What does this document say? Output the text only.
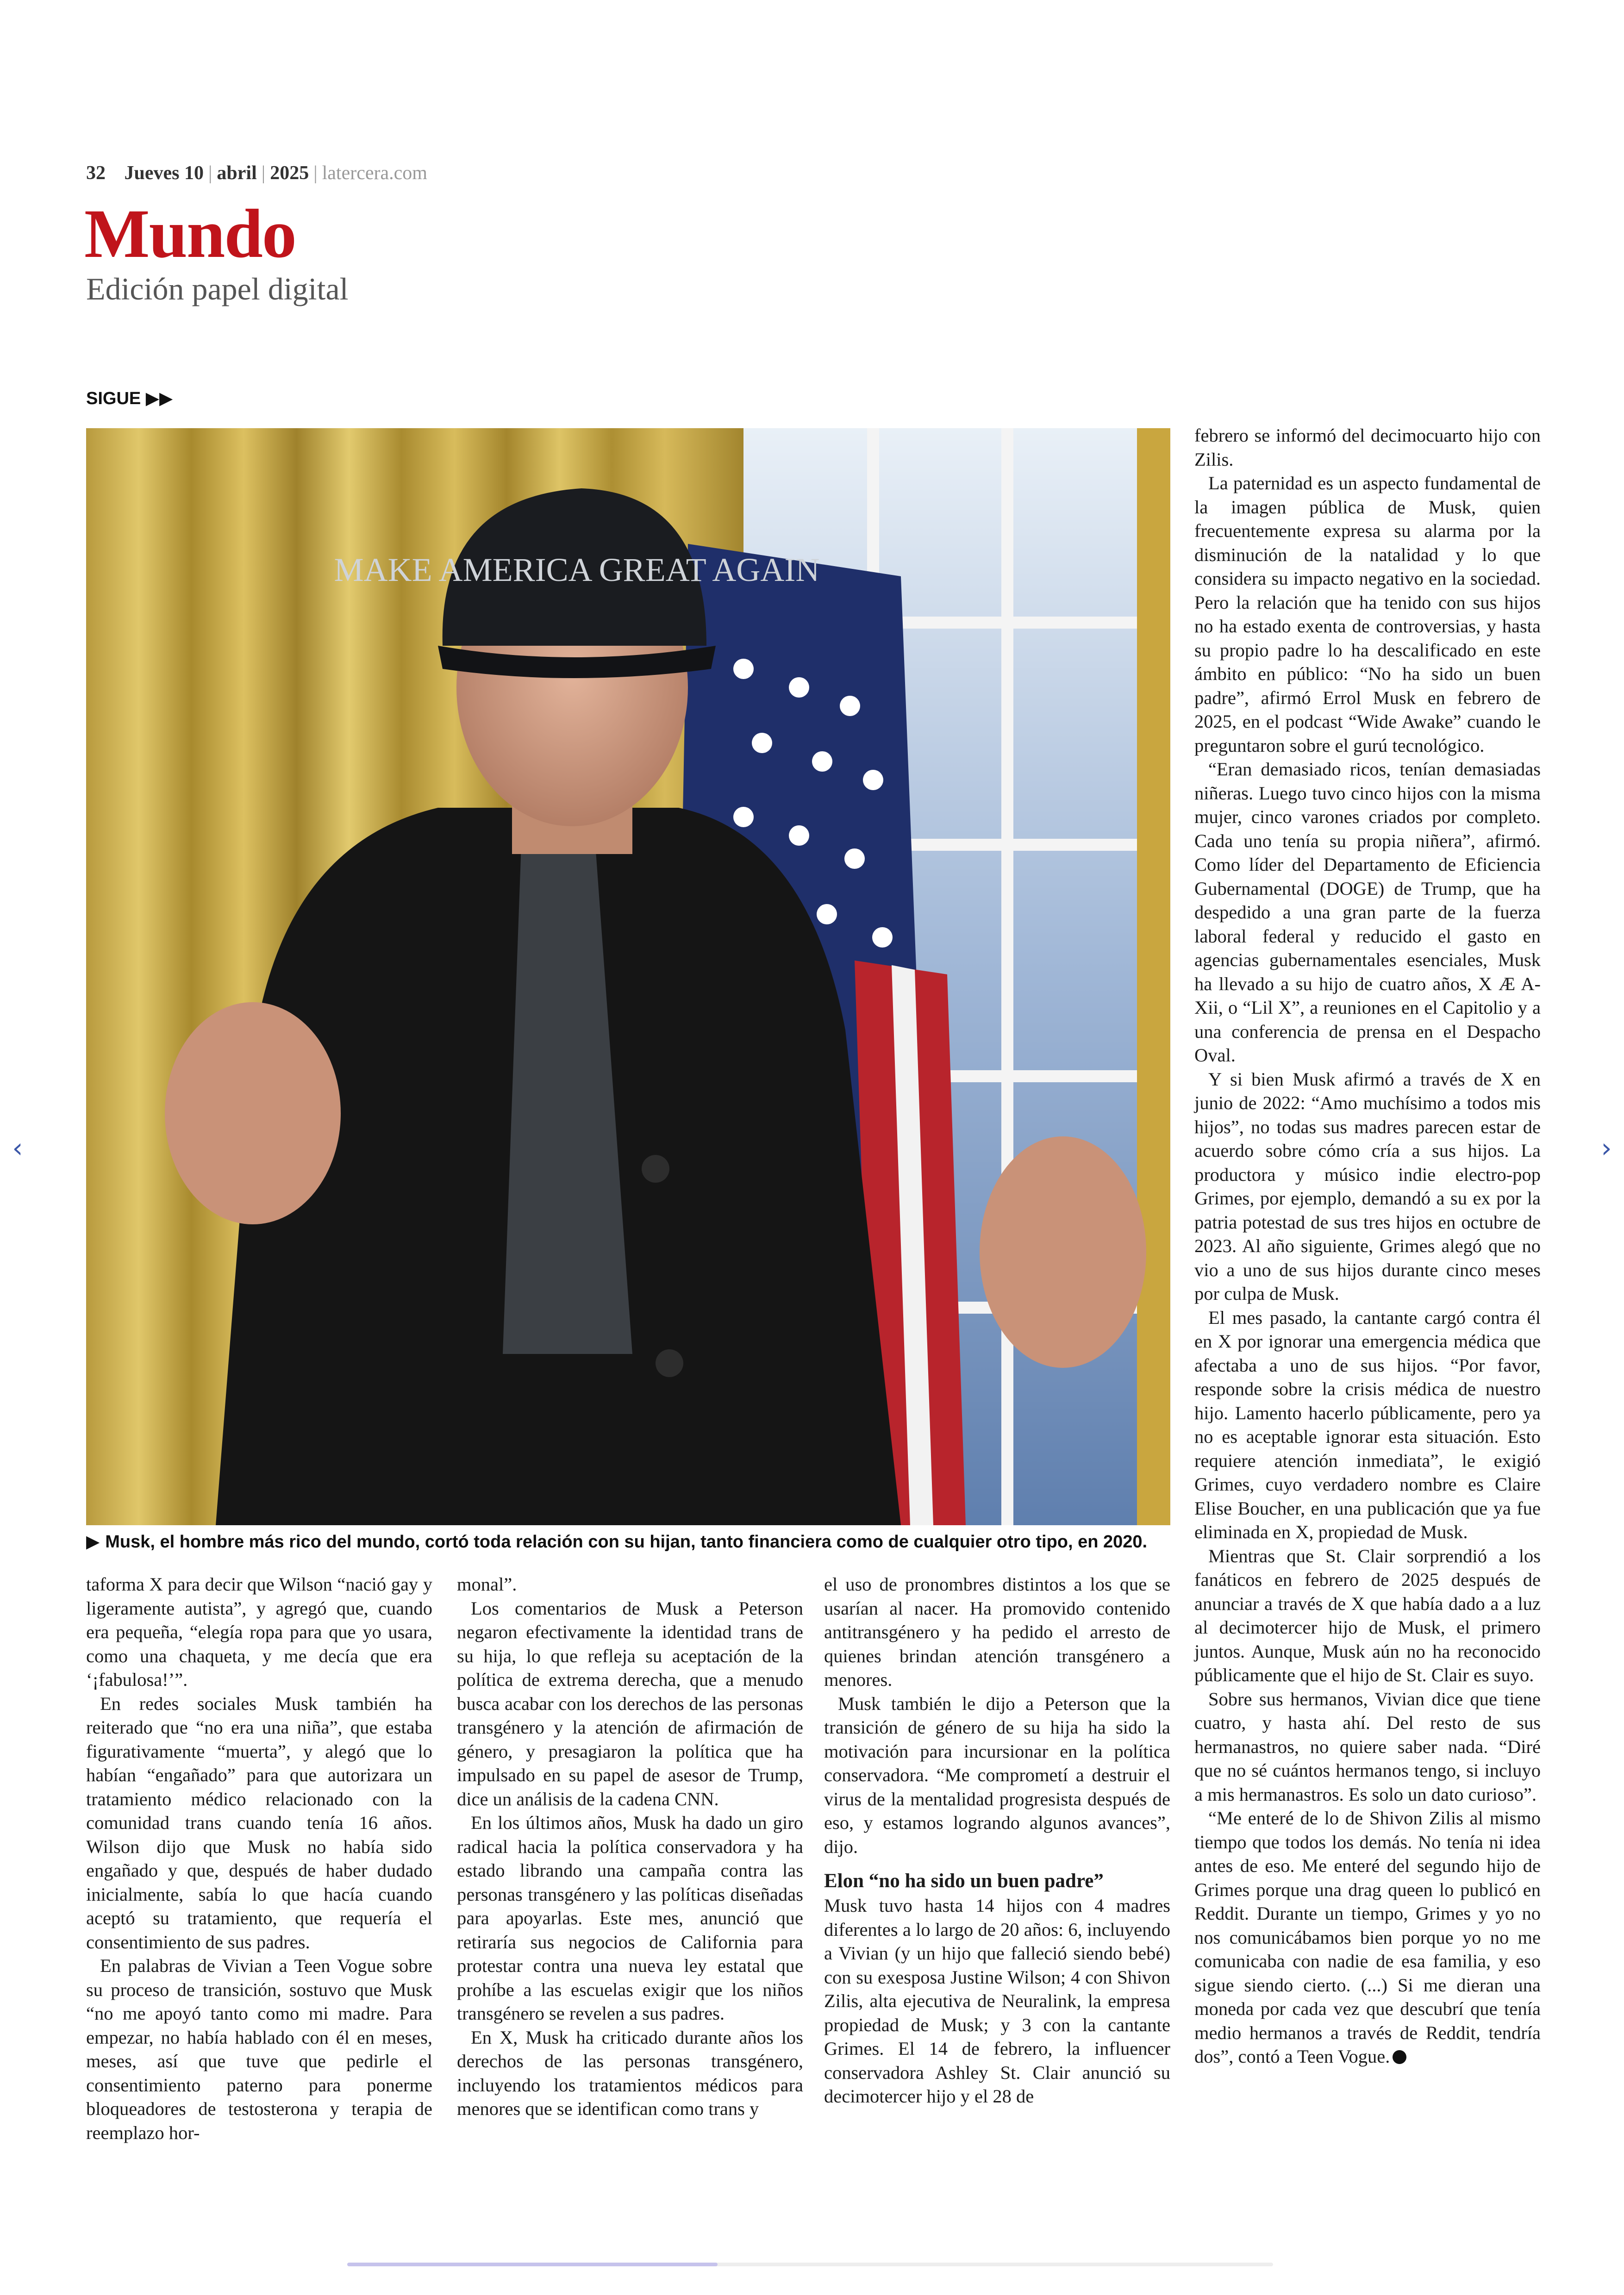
32 Jueves 10 | abril | 2025 | latercera.com
Mundo
Edición papel digital
SIGUE ▶▶
MAKE AMERICA GREAT AGAIN
▶ Musk, el hombre más rico del mundo, cortó toda relación con su hijan, tanto financiera como de cualquier otro tipo, en 2020.

taforma X para decir que Wilson “nació gay y ligeramente autista”, y agregó que, cuando era pequeña, “elegía ropa para que yo usara, como una chaqueta, y me decía que era ‘¡fabulosa!’”.

En redes sociales Musk también ha reiterado que “no era una niña”, que estaba figurativamente “muerta”, y alegó que lo habían “engañado” para que autorizara un tratamiento médico relacionado con la comunidad trans cuando tenía 16 años. Wilson dijo que Musk no había sido engañado y que, después de haber dudado inicialmente, sabía lo que hacía cuando aceptó su tratamiento, que requería el consentimiento de sus padres.

En palabras de Vivian a Teen Vogue sobre su proceso de transición, sostuvo que Musk “no me apoyó tanto como mi madre. Para empezar, no había hablado con él en meses, meses, así que tuve que pedirle el consentimiento paterno para ponerme bloqueadores de testosterona y terapia de reemplazo hor-

monal”.

Los comentarios de Musk a Peterson negaron efectivamente la identidad trans de su hija, lo que refleja su aceptación de la política de extrema derecha, que a menudo busca acabar con los derechos de las personas transgénero y la atención de afirmación de género, y presagiaron la política que ha impulsado en su papel de asesor de Trump, dice un análisis de la cadena CNN.

En los últimos años, Musk ha dado un giro radical hacia la política conservadora y ha estado librando una campaña contra las personas transgénero y las políticas diseñadas para apoyarlas. Este mes, anunció que retiraría sus negocios de California para protestar contra una nueva ley estatal que prohíbe a las escuelas exigir que los niños transgénero se revelen a sus padres.

En X, Musk ha criticado durante años los derechos de las personas transgénero, incluyendo los tratamientos médicos para menores que se identifican como trans y

el uso de pronombres distintos a los que se usarían al nacer. Ha promovido contenido antitransgénero y ha pedido el arresto de quienes brindan atención transgénero a menores.

Musk también le dijo a Peterson que la transición de género de su hija ha sido la motivación para incursionar en la política conservadora. “Me comprometí a destruir el virus de la mentalidad progresista después de eso, y estamos logrando algunos avances”, dijo.

Elon “no ha sido un buen padre”

Musk tuvo hasta 14 hijos con 4 madres diferentes a lo largo de 20 años: 6, incluyendo a Vivian (y un hijo que falleció siendo bebé) con su exesposa Justine Wilson; 4 con Shivon Zilis, alta ejecutiva de Neuralink, la empresa propiedad de Musk; y 3 con la cantante Grimes. El 14 de febrero, la influencer conservadora Ashley St. Clair anunció su decimotercer hijo y el 28 de

febrero se informó del decimocuarto hijo con Zilis.

La paternidad es un aspecto fundamental de la imagen pública de Musk, quien frecuentemente expresa su alarma por la disminución de la natalidad y lo que considera su impacto negativo en la sociedad. Pero la relación que ha tenido con sus hijos no ha estado exenta de controversias, y hasta su propio padre lo ha descalificado en este ámbito en público: “No ha sido un buen padre”, afirmó Errol Musk en febrero de 2025, en el podcast “Wide Awake” cuando le preguntaron sobre el gurú tecnológico.

“Eran demasiado ricos, tenían demasiadas niñeras. Luego tuvo cinco hijos con la misma mujer, cinco varones criados por completo. Cada uno tenía su propia niñera”, afirmó. Como líder del Departamento de Eficiencia Gubernamental (DOGE) de Trump, que ha despedido a una gran parte de la fuerza laboral federal y reducido el gasto en agencias gubernamentales esenciales, Musk ha llevado a su hijo de cuatro años, X Æ A-Xii, o “Lil X”, a reuniones en el Capitolio y a una conferencia de prensa en el Despacho Oval.

Y si bien Musk afirmó a través de X en junio de 2022: “Amo muchísimo a todos mis hijos”, no todas sus madres parecen estar de acuerdo sobre cómo cría a sus hijos. La productora y músico indie electro-pop Grimes, por ejemplo, demandó a su ex por la patria potestad de sus tres hijos en octubre de 2023. Al año siguiente, Grimes alegó que no vio a uno de sus hijos durante cinco meses por culpa de Musk.

El mes pasado, la cantante cargó contra él en X por ignorar una emergencia médica que afectaba a uno de sus hijos. “Por favor, responde sobre la crisis médica de nuestro hijo. Lamento hacerlo públicamente, pero ya no es aceptable ignorar esta situación. Esto requiere atención inmediata”, le exigió Grimes, cuyo verdadero nombre es Claire Elise Boucher, en una publicación que ya fue eliminada en X, propiedad de Musk.

Mientras que St. Clair sorprendió a los fanáticos en febrero de 2025 después de anunciar a través de X que había dado a a luz al decimotercer hijo de Musk, el primero juntos. Aunque, Musk aún no ha reconocido públicamente que el hijo de St. Clair es suyo.

Sobre sus hermanos, Vivian dice que tiene cuatro, y hasta ahí. Del resto de sus hermanastros, no quiere saber nada. “Diré que no sé cuántos hermanos tengo, si incluyo a mis hermanastros. Es solo un dato curioso”.

“Me enteré de lo de Shivon Zilis al mismo tiempo que todos los demás. No tenía ni idea antes de eso. Me enteré del segundo hijo de Grimes porque una drag queen lo publicó en Reddit. Durante un tiempo, Grimes y yo no nos comunicábamos bien porque yo no me comunicaba con nadie de esa familia, y eso sigue siendo cierto. (...) Si me dieran una moneda por cada vez que descubrí que tenía medio hermanos a través de Reddit, tendría dos”, contó a Teen Vogue.

‹	›
